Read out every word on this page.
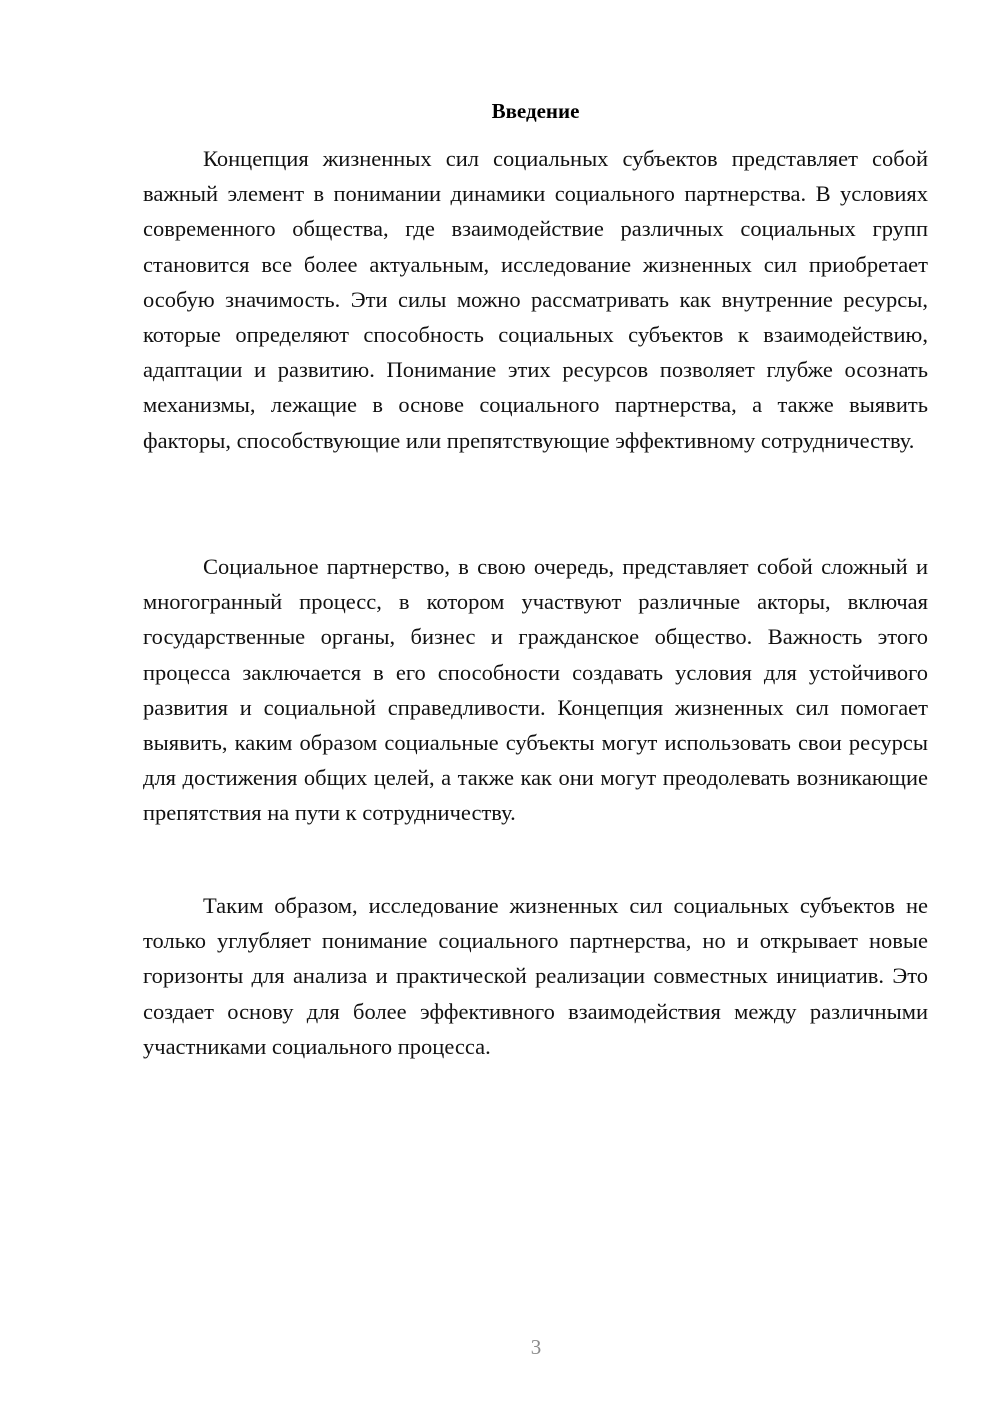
Введение

Концепция жизненных сил социальных субъектов представляет собой важный элемент в понимании динамики социального партнерства. В условиях современного общества, где взаимодействие различных социальных групп становится все более актуальным, исследование жизненных сил приобретает особую значимость. Эти силы можно рассматривать как внутренние ресурсы, которые определяют способность социальных субъектов к взаимодействию, адаптации и развитию. Понимание этих ресурсов позволяет глубже осознать механизмы, лежащие в основе социального партнерства, а также выявить факторы, способствующие или препятствующие эффективному сотрудничеству.

Социальное партнерство, в свою очередь, представляет собой сложный и многогранный процесс, в котором участвуют различные акторы, включая государственные органы, бизнес и гражданское общество. Важность этого процесса заключается в его способности создавать условия для устойчивого развития и социальной справедливости. Концепция жизненных сил помогает выявить, каким образом социальные субъекты могут использовать свои ресурсы для достижения общих целей, а также как они могут преодолевать возникающие препятствия на пути к сотрудничеству.

Таким образом, исследование жизненных сил социальных субъектов не только углубляет понимание социального партнерства, но и открывает новые горизонты для анализа и практической реализации совместных инициатив. Это создает основу для более эффективного взаимодействия между различными участниками социального процесса.

3
